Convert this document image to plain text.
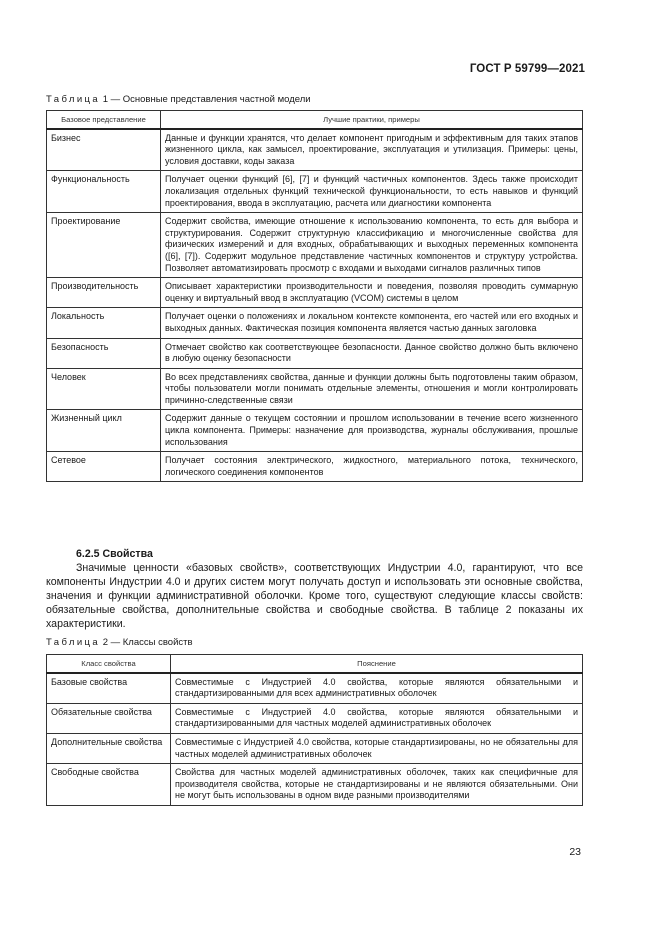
ГОСТ Р 59799—2021
Таблица 1 — Основные представления частной модели
Базовое представление	Лучшие практики, примеры
Бизнес	Данные и функции хранятся, что делает компонент пригодным и эффективным для таких этапов жизненного цикла, как замысел, проектирование, эксплуатация и утилизация. Примеры: цены, условия доставки, коды заказа
Функциональность	Получает оценки функций [6], [7] и функций частичных компонентов. Здесь также происходит локализация отдельных функций технической функциональности, то есть навыков и функций проектирования, ввода в эксплуатацию, расчета или диагностики компонента
Проектирование	Содержит свойства, имеющие отношение к использованию компонента, то есть для выбора и структурирования. Содержит структурную классификацию и многочисленные свойства для физических измерений и для входных, обрабатывающих и выходных переменных компонента ([6], [7]). Содержит модульное представление частичных компонентов и структуру устройства. Позволяет автоматизировать просмотр с входами и выходами сигналов различных типов
Производительность	Описывает характеристики производительности и поведения, позволяя проводить суммарную оценку и виртуальный ввод в эксплуатацию (VCOM) системы в целом
Локальность	Получает оценки о положениях и локальном контексте компонента, его частей или его входных и выходных данных. Фактическая позиция компонента является частью данных заголовка
Безопасность	Отмечает свойство как соответствующее безопасности. Данное свойство должно быть включено в любую оценку безопасности
Человек	Во всех представлениях свойства, данные и функции должны быть подготовлены таким образом, чтобы пользователи могли понимать отдельные элементы, отношения и могли контролировать причинно-следственные связи
Жизненный цикл	Содержит данные о текущем состоянии и прошлом использовании в течение всего жизненного цикла компонента. Примеры: назначение для производства, журналы обслуживания, прошлые использования
Сетевое	Получает состояния электрического, жидкостного, материального потока, технического, логического соединения компонентов
6.2.5 Свойства

Значимые ценности «базовых свойств», соответствующих Индустрии 4.0, гарантируют, что все компоненты Индустрии 4.0 и других систем могут получать доступ и использовать эти основные свойства, значения и функции административной оболочки. Кроме того, существуют следующие классы свойств: обязательные свойства, дополнительные свойства и свободные свойства. В таблице 2 показаны их характеристики.

Таблица 2 — Классы свойств
Класс свойства	Пояснение
Базовые свойства	Совместимые с Индустрией 4.0 свойства, которые являются обязательными и стандартизированными для всех административных оболочек
Обязательные свойства	Совместимые с Индустрией 4.0 свойства, которые являются обязательными и стандартизированными для частных моделей административных оболочек
Дополнительные свойства	Совместимые с Индустрией 4.0 свойства, которые стандартизированы, но не обязательны для частных моделей административных оболочек
Свободные свойства	Свойства для частных моделей административных оболочек, таких как специфичные для производителя свойства, которые не стандартизированы и не являются обязательными. Они не могут быть использованы в одном виде разными производителями
23
